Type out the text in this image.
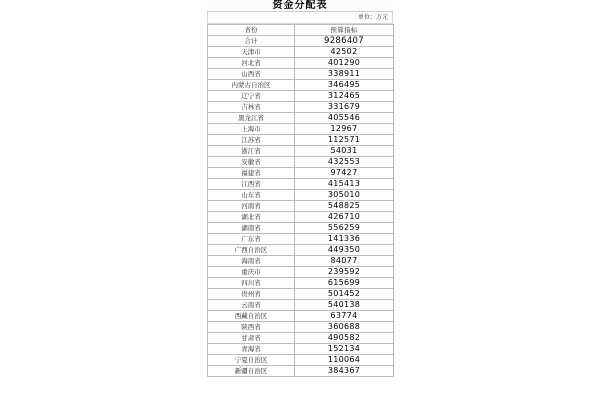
资金分配表
单位：万元
省份	预算指标
合计	9286407
天津市	42502
河北省	401290
山西省	338911
内蒙古自治区	346495
辽宁省	312465
吉林省	331679
黑龙江省	405546
上海市	12967
江苏省	112571
浙江省	54031
安徽省	432553
福建省	97427
江西省	415413
山东省	305010
河南省	548825
湖北省	426710
湖南省	556259
广东省	141336
广西自治区	449350
海南省	84077
重庆市	239592
四川省	615699
贵州省	501452
云南省	540138
西藏自治区	63774
陕西省	360688
甘肃省	490582
青海省	152134
宁夏自治区	110064
新疆自治区	384367
